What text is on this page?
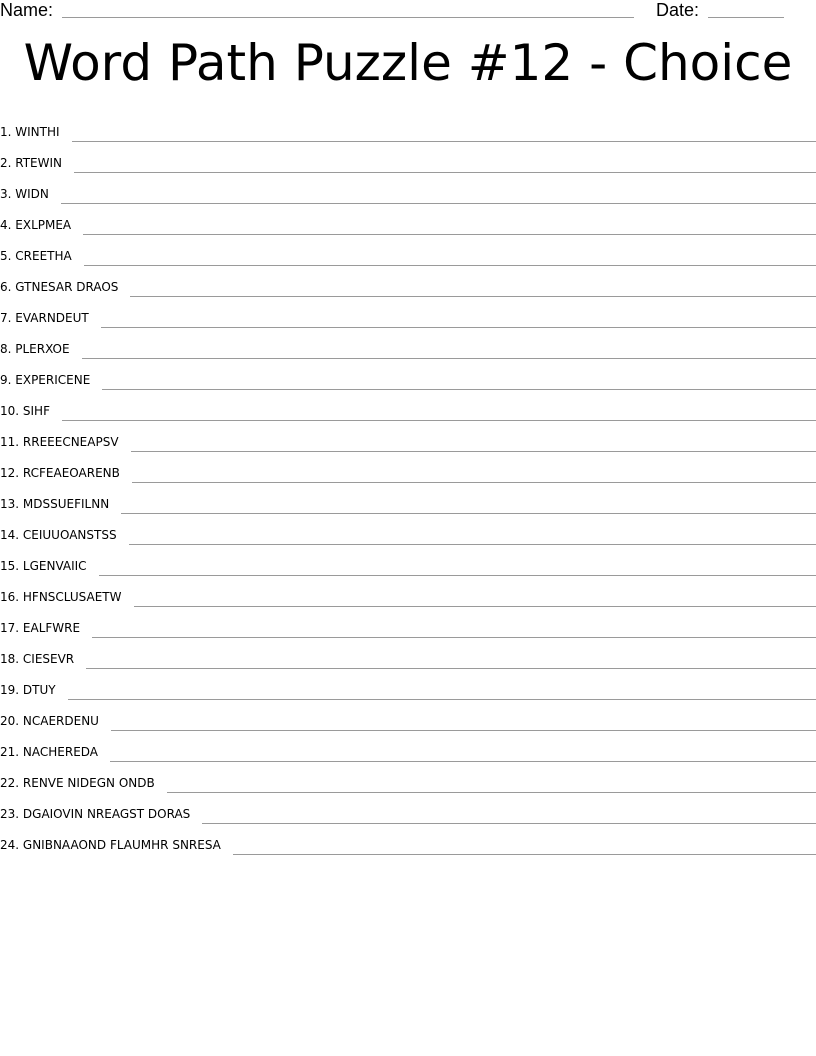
Name:	Date:
Word Path Puzzle #12 - Choice
1. WINTHI
2. RTEWIN
3. WIDN
4. EXLPMEA
5. CREETHA
6. GTNESAR DRAOS
7. EVARNDEUT
8. PLERXOE
9. EXPERICENE
10. SIHF
11. RREEECNEAPSV
12. RCFEAEOARENB
13. MDSSUEFILNN
14. CEIUUOANSTSS
15. LGENVAIIC
16. HFNSCLUSAETW
17. EALFWRE
18. CIESEVR
19. DTUY
20. NCAERDENU
21. NACHEREDA
22. RENVE NIDEGN ONDB
23. DGAIOVIN NREAGST DORAS
24. GNIBNAAOND FLAUMHR SNRESA
